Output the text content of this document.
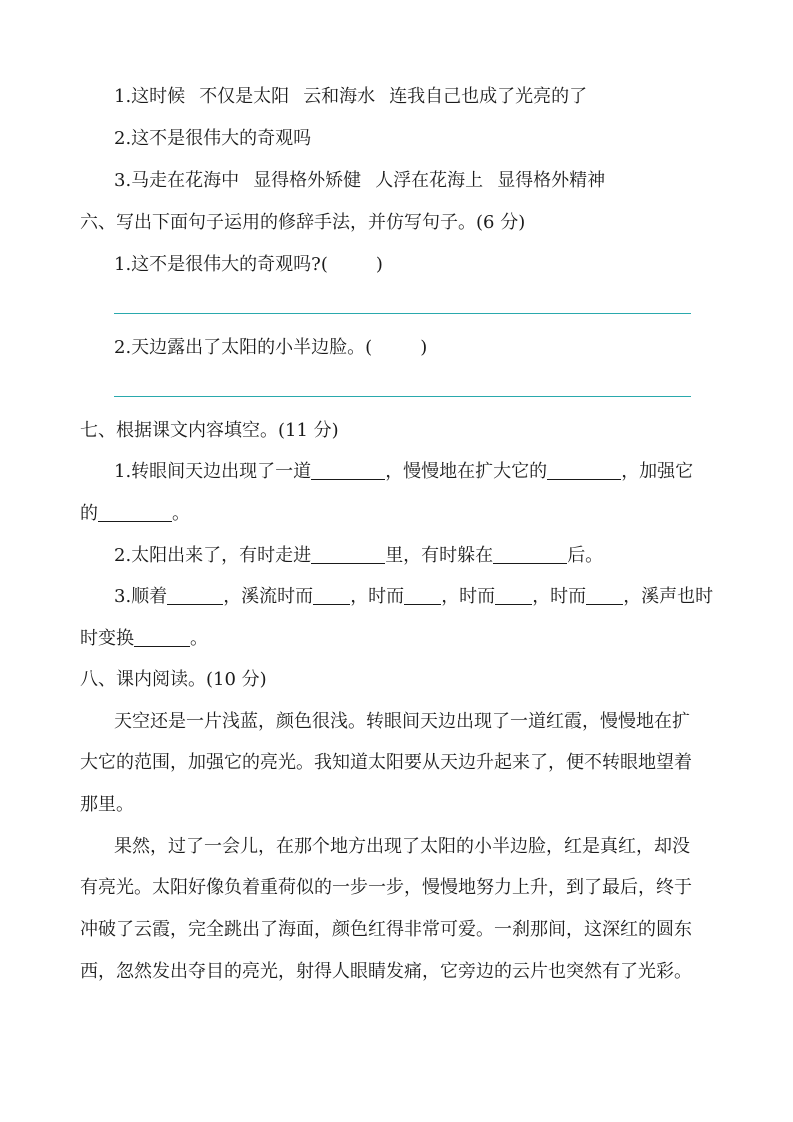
1.这时候 不仅是太阳 云和海水 连我自己也成了光亮的了
2.这不是很伟大的奇观吗
3.马走在花海中 显得格外矫健 人浮在花海上 显得格外精神
六、写出下面句子运用的修辞手法，并仿写句子。(6 分)
1.这不是很伟大的奇观吗?(	)
2.天边露出了太阳的小半边脸。(	)
七、根据课文内容填空。(11 分)
1.转眼间天边出现了一道	，慢慢地在扩大它的	，加强它
的	。
2.太阳出来了，有时走进	里，有时躲在	后。
3.顺着	，溪流时而 ，时而 ，时而 ，时而 ，溪声也时
时变换	。
八、课内阅读。(10 分)
天空还是一片浅蓝，颜色很浅。转眼间天边出现了一道红霞，慢慢地在扩
大它的范围，加强它的亮光。我知道太阳要从天边升起来了，便不转眼地望着
那里。
果然，过了一会儿，在那个地方出现了太阳的小半边脸，红是真红，却没
有亮光。太阳好像负着重荷似的一步一步，慢慢地努力上升，到了最后，终于
冲破了云霞，完全跳出了海面，颜色红得非常可爱。一刹那间，这深红的圆东
西，忽然发出夺目的亮光，射得人眼睛发痛，它旁边的云片也突然有了光彩。
